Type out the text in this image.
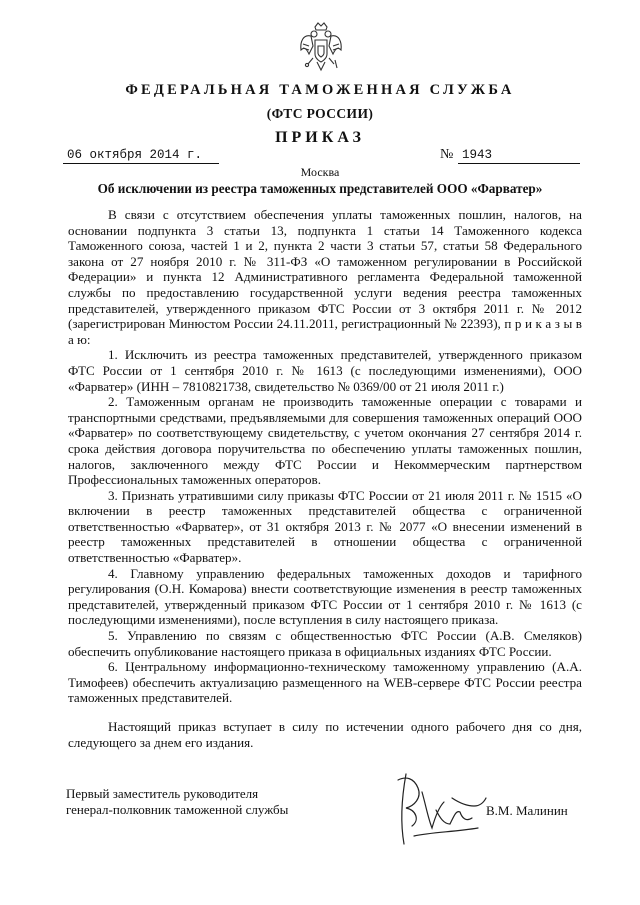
ФЕДЕРАЛЬНАЯ ТАМОЖЕННАЯ СЛУЖБА
(ФТС РОССИИ)
ПРИКАЗ
06 октября 2014 г.	№ 1943
Москва
Об исключении из реестра таможенных представителей ООО «Фарватер»

В связи с отсутствием обеспечения уплаты таможенных пошлин, налогов, на основании подпункта 3 статьи 13, подпункта 1 статьи 14 Таможенного кодекса Таможенного союза, частей 1 и 2, пункта 2 части 3 статьи 57, статьи 58 Федерального закона от 27 ноября 2010 г. № 311-ФЗ «О таможенном регулировании в Российской Федерации» и пункта 12 Административного регламента Федеральной таможенной службы по предоставлению государственной услуги ведения реестра таможенных представителей, утвержденного приказом ФТС России от 3 октября 2011 г. № 2012 (зарегистрирован Минюстом России 24.11.2011, регистрационный № 22393), п р и к а з ы в а ю:

1. Исключить из реестра таможенных представителей, утвержденного приказом ФТС России от 1 сентября 2010 г. № 1613 (с последующими изменениями), ООО «Фарватер» (ИНН – 7810821738, свидетельство № 0369/00 от 21 июля 2011 г.)

2. Таможенным органам не производить таможенные операции с товарами и транспортными средствами, предъявляемыми для совершения таможенных операций ООО «Фарватер» по соответствующему свидетельству, с учетом окончания 27 сентября 2014 г. срока действия договора поручительства по обеспечению уплаты таможенных пошлин, налогов, заключенного между ФТС России и Некоммерческим партнерством Профессиональных таможенных операторов.

3. Признать утратившими силу приказы ФТС России от 21 июля 2011 г. № 1515 «О включении в реестр таможенных представителей общества с ограниченной ответственностью «Фарватер», от 31 октября 2013 г. № 2077 «О внесении изменений в реестр таможенных представителей в отношении общества с ограниченной ответственностью «Фарватер».

4. Главному управлению федеральных таможенных доходов и тарифного регулирования (О.Н. Комарова) внести соответствующие изменения в реестр таможенных представителей, утвержденный приказом ФТС России от 1 сентября 2010 г. № 1613 (с последующими изменениями), после вступления в силу настоящего приказа.

5. Управлению по связям с общественностью ФТС России (А.В. Смеляков) обеспечить опубликование настоящего приказа в официальных изданиях ФТС России.

6. Центральному информационно-техническому таможенному управлению (А.А. Тимофеев) обеспечить актуализацию размещенного на WEB-сервере ФТС России реестра таможенных представителей.

Настоящий приказ вступает в силу по истечении одного рабочего дня со дня, следующего за днем его издания.

Первый заместитель руководителя
генерал-полковник таможенной службы	В.М. Малинин
